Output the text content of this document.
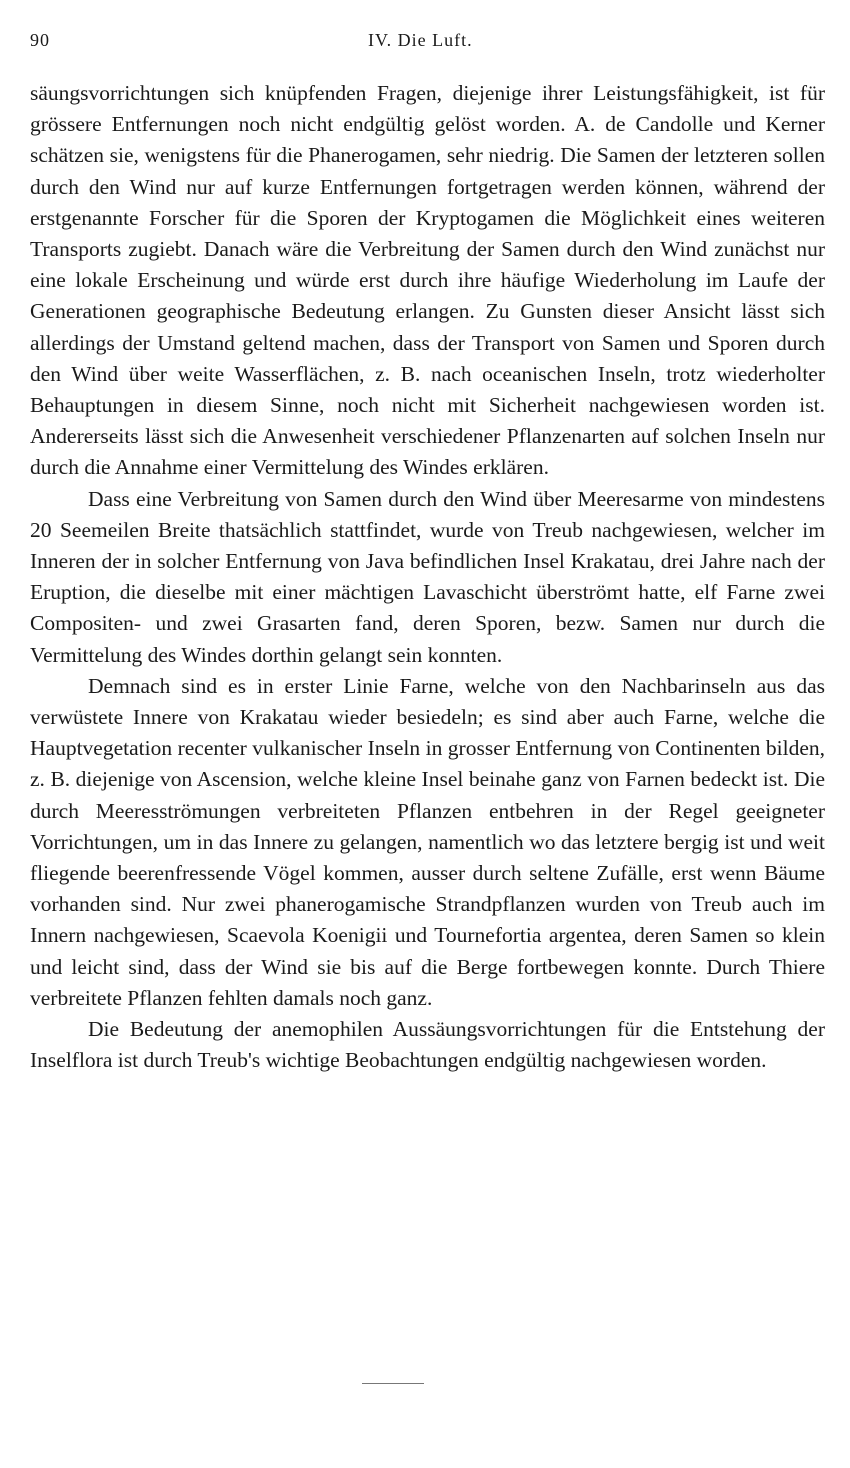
90	IV. Die Luft.

säungsvorrichtungen sich knüpfenden Fragen, diejenige ihrer Leistungsfähigkeit, ist für grössere Entfernungen noch nicht endgültig gelöst worden. A. de Candolle und Kerner schätzen sie, wenigstens für die Phanerogamen, sehr niedrig. Die Samen der letzteren sollen durch den Wind nur auf kurze Entfernungen fortgetragen werden können, während der erstgenannte Forscher für die Sporen der Kryptogamen die Möglichkeit eines weiteren Transports zugiebt. Danach wäre die Verbreitung der Samen durch den Wind zunächst nur eine lokale Erscheinung und würde erst durch ihre häufige Wiederholung im Laufe der Generationen geographische Bedeutung erlangen. Zu Gunsten dieser Ansicht lässt sich allerdings der Umstand geltend machen, dass der Transport von Samen und Sporen durch den Wind über weite Wasserflächen, z. B. nach oceanischen Inseln, trotz wiederholter Behauptungen in diesem Sinne, noch nicht mit Sicherheit nachgewiesen worden ist. Andererseits lässt sich die Anwesenheit verschiedener Pflanzenarten auf solchen Inseln nur durch die Annahme einer Vermittelung des Windes erklären.

Dass eine Verbreitung von Samen durch den Wind über Meeresarme von mindestens 20 Seemeilen Breite thatsächlich stattfindet, wurde von Treub nachgewiesen, welcher im Inneren der in solcher Entfernung von Java befindlichen Insel Krakatau, drei Jahre nach der Eruption, die dieselbe mit einer mächtigen Lavaschicht überströmt hatte, elf Farne zwei Compositen- und zwei Grasarten fand, deren Sporen, bezw. Samen nur durch die Vermittelung des Windes dorthin gelangt sein konnten.

Demnach sind es in erster Linie Farne, welche von den Nachbarinseln aus das verwüstete Innere von Krakatau wieder besiedeln; es sind aber auch Farne, welche die Hauptvegetation recenter vulkanischer Inseln in grosser Entfernung von Continenten bilden, z. B. diejenige von Ascension, welche kleine Insel beinahe ganz von Farnen bedeckt ist. Die durch Meeresströmungen verbreiteten Pflanzen entbehren in der Regel geeigneter Vorrichtungen, um in das Innere zu gelangen, namentlich wo das letztere bergig ist und weit fliegende beerenfressende Vögel kommen, ausser durch seltene Zufälle, erst wenn Bäume vorhanden sind. Nur zwei phanerogamische Strandpflanzen wurden von Treub auch im Innern nachgewiesen, Scaevola Koenigii und Tournefortia argentea, deren Samen so klein und leicht sind, dass der Wind sie bis auf die Berge fortbewegen konnte. Durch Thiere verbreitete Pflanzen fehlten damals noch ganz.

Die Bedeutung der anemophilen Aussäungsvorrichtungen für die Entstehung der Inselflora ist durch Treub's wichtige Beobachtungen endgültig nachgewiesen worden.
